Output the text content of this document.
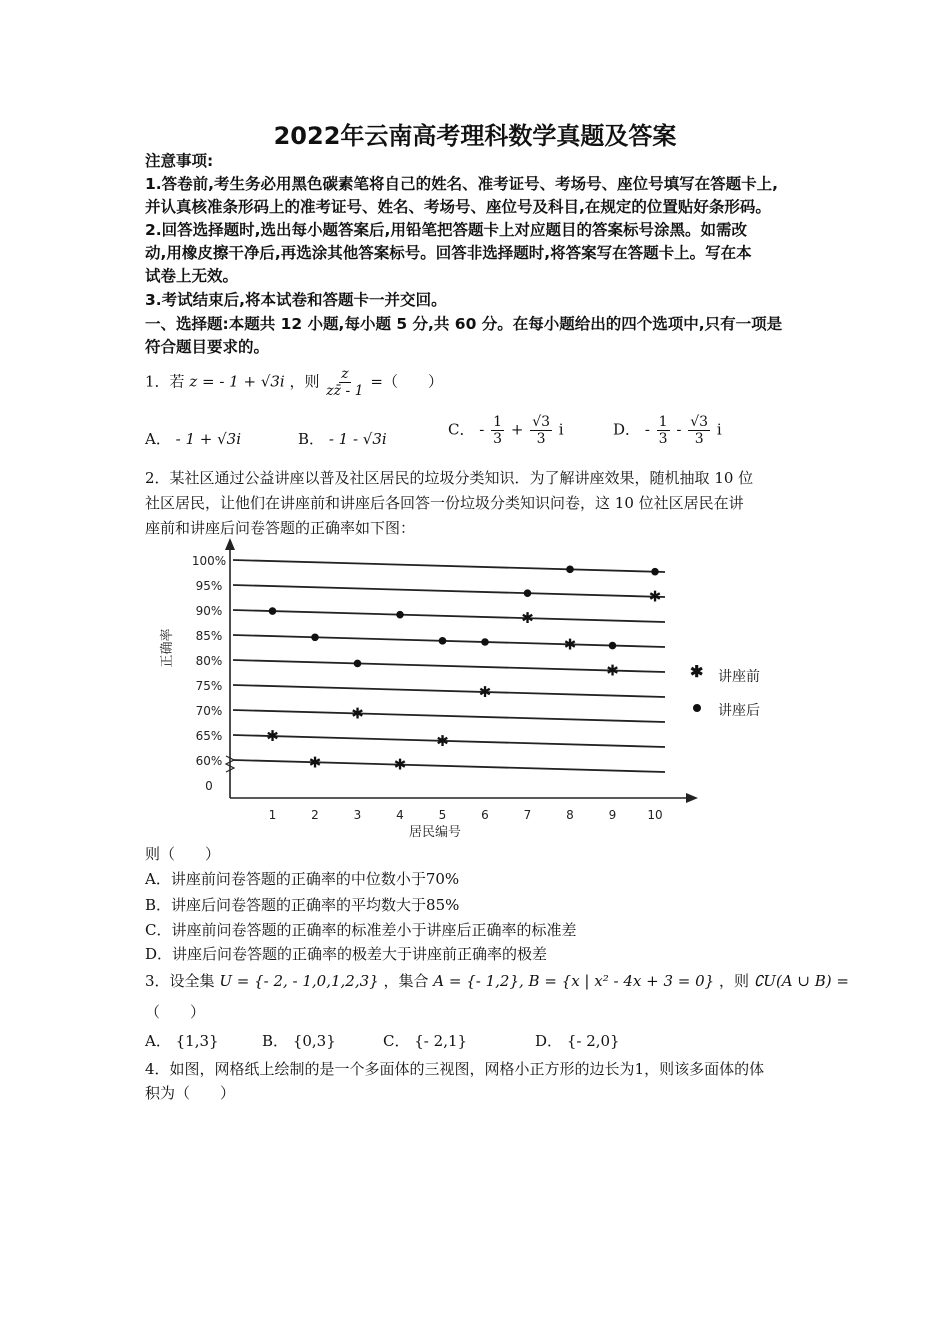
2022年云南高考理科数学真题及答案
注意事项:
1.答卷前,考生务必用黑色碳素笔将自己的姓名、准考证号、考场号、座位号填写在答题卡上,
并认真核准条形码上的准考证号、姓名、考场号、座位号及科目,在规定的位置贴好条形码。
2.回答选择题时,选出每小题答案后,用铅笔把答题卡上对应题目的答案标号涂黑。如需改
动,用橡皮擦干净后,再选涂其他答案标号。回答非选择题时,将答案写在答题卡上。写在本
试卷上无效。
3.考试结束后,将本试卷和答题卡一并交回。
一、选择题:本题共 12 小题,每小题 5 分,共 60 分。在每小题给出的四个选项中,只有一项是
符合题目要求的。
1．若 z = - 1 + √3i ，则 $\frac{z}{zz̄ - 1}$ =（　　）
A． - 1 + √3i	B． - 1 - √3i
C． - $\frac{1}{3} + \frac{√3}{3}$ i	D． - $\frac{1}{3} - \frac{√3}{3}$ i
2．某社区通过公益讲座以普及社区居民的垃圾分类知识．为了解讲座效果，随机抽取 10 位
社区居民，让他们在讲座前和讲座后各回答一份垃圾分类知识问卷，这 10 位社区居民在讲
座前和讲座后问卷答题的正确率如下图：
0
60%
65%
70%
75%
80%
85%
90%
95%
100%
正确率
1	2	3	4	5	6	7	8	9	10
居民编号
✱
✱
✱
✱
✱
✱
✱
✱
✱
✱
则（　　）
A．讲座前问卷答题的正确率的中位数小于70%
B．讲座后问卷答题的正确率的平均数大于85%
C．讲座前问卷答题的正确率的标准差小于讲座后正确率的标准差
D．讲座后问卷答题的正确率的极差大于讲座前正确率的极差
3．设全集 U = {- 2, - 1,0,1,2,3} ，集合 A = {- 1,2}, B = {x | x² - 4x + 3 = 0} ，则 ∁U(A ∪ B) =
（　　）
A． {1,3}	B． {0,3}	C． {- 2,1}	D． {- 2,0}
4．如图，网格纸上绘制的是一个多面体的三视图，网格小正方形的边长为1，则该多面体的体
积为（　　）
讲座前
讲座后
✱
